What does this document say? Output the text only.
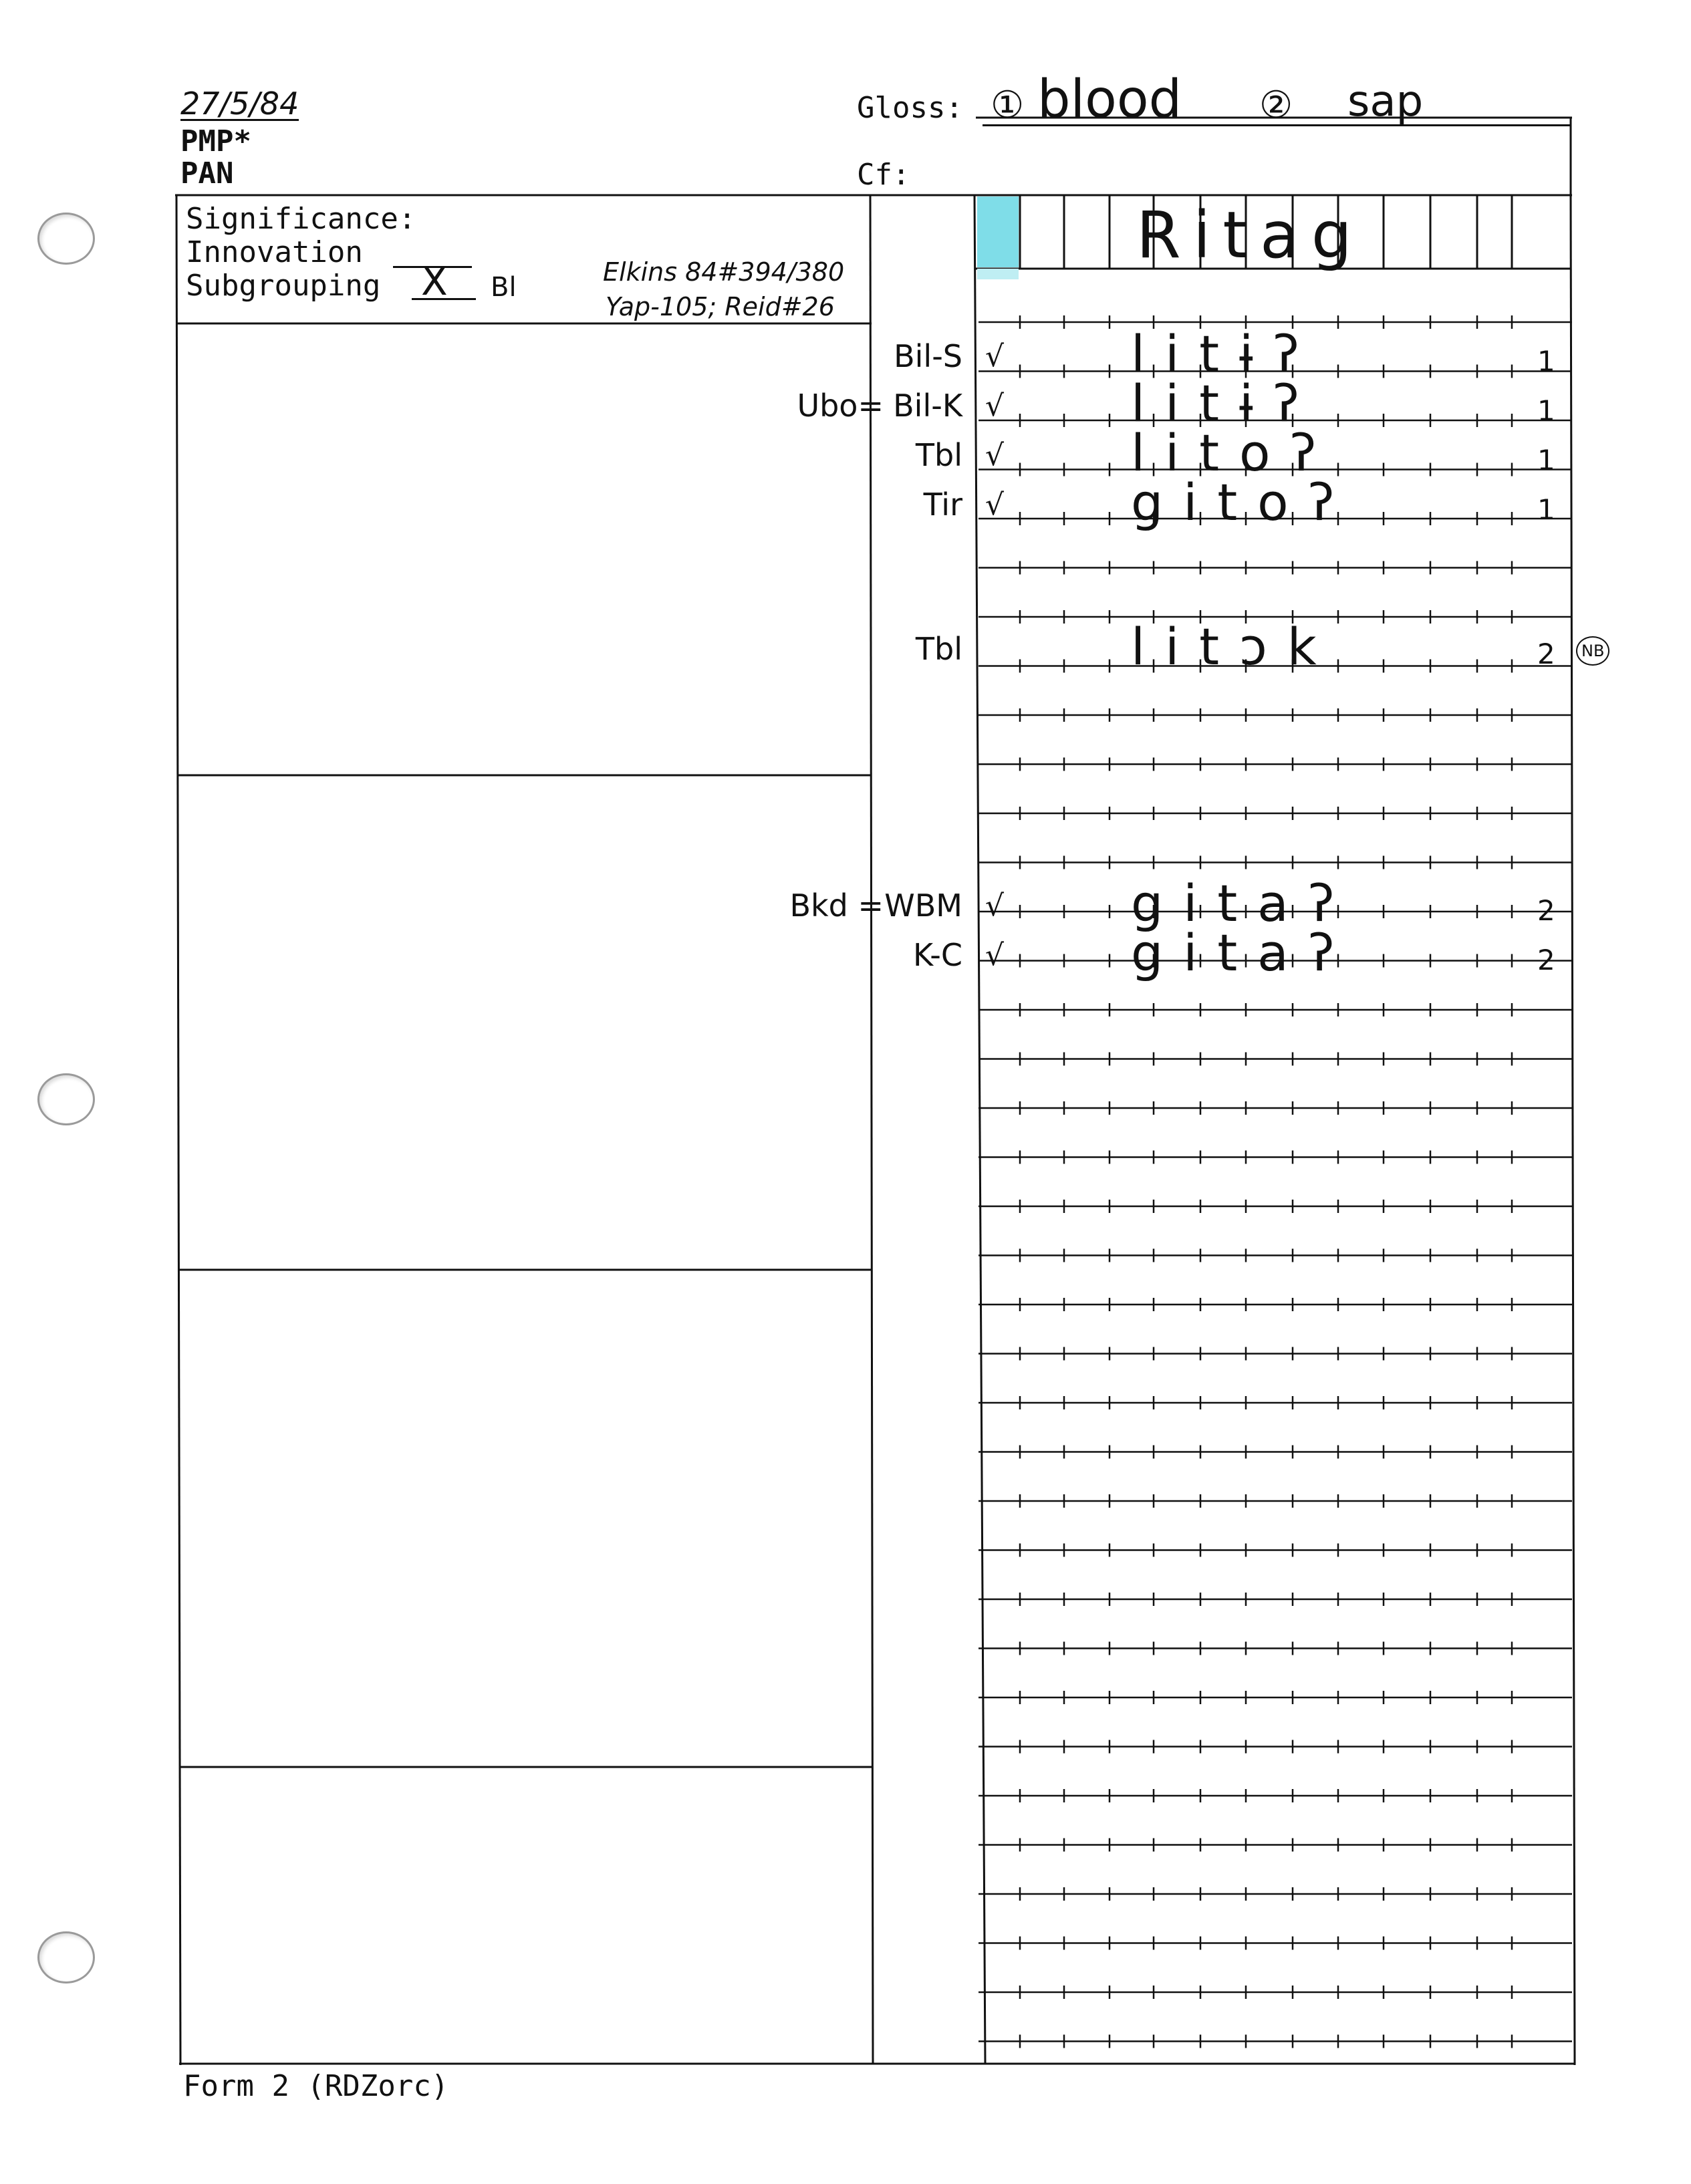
27/5/84
PMP*
PAN
Gloss: ① blood ② sap
Cf:
Significance:
Innovation
Subgrouping X Bl	Elkins 84#394/380
Yap-105; Reid#26
Ritag
Bil-S √ litɨʔ	1
Ubo= Bil-K √ litɨʔ	1
Tbl √ litoʔ	1
Tir √ gitoʔ	1
Tbl	litɔk	2	NB
Bkd = WBM √ gitaʔ	2
K-C √ gitaʔ	2
Form 2 (RDZorc)
